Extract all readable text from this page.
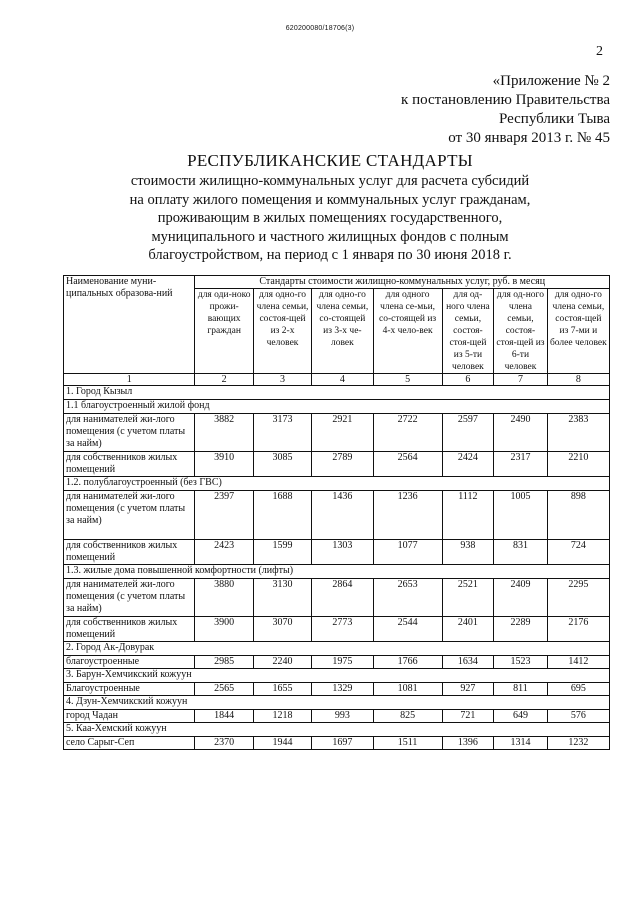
620200080/18706(3)
2
«Приложение № 2
к постановлению Правительства
Республики Тыва
от 30 января 2013 г. № 45
РЕСПУБЛИКАНСКИЕ СТАНДАРТЫ
стоимости жилищно-коммунальных услуг для расчета субсидий
на оплату жилого помещения и коммунальных услуг гражданам,
проживающим в жилых помещениях государственного,
муниципального и частного жилищных фондов с полным
благоустройством, на период с 1 января по 30 июня 2018 г.
Наименование муни-ципальных образова-ний	Стандарты стоимости жилищно-коммунальных услуг, руб. в месяц						
	для оди-ноко прожи-вающих граждан	для одно-го члена семьи, состоя-щей из 2-х человек	для одно-го члена семьи, со-стоящей из 3-х че-ловек	для одного члена се-мьи, со-стоящей из 4-х чело-век	для од-ного члена семьи, состоя-стоя-щей из 5-ти человек	для од-ного члена семьи, состоя-стоя-щей из 6-ти человек	для одно-го члена семьи, состоя-щей из 7-ми и более человек
1	2	3	4	5	6	7	8
1. Город Кызыл							
1.1 благоустроенный жилой фонд							
для нанимателей жи-лого помещения (с учетом платы за найм)	3882	3173	2921	2722	2597	2490	2383
для собственников жилых помещений	3910	3085	2789	2564	2424	2317	2210
1.2. полублагоустроенный (без ГВС)							
для нанимателей жи-лого помещения (с учетом платы за найм)	2397	1688	1436	1236	1112	1005	898
для собственников жилых помещений	2423	1599	1303	1077	938	831	724
1.3. жилые дома повышенной комфортности (лифты)							
для нанимателей жи-лого помещения (с учетом платы за найм)	3880	3130	2864	2653	2521	2409	2295
для собственников жилых помещений	3900	3070	2773	2544	2401	2289	2176
2. Город Ак-Довурак							
благоустроенные	2985	2240	1975	1766	1634	1523	1412
3. Барун-Хемчикский кожуун							
Благоустроенные	2565	1655	1329	1081	927	811	695
4. Дзун-Хемчикский кожуун							
город Чадан	1844	1218	993	825	721	649	576
5. Каа-Хемский кожуун							
село Сарыг-Сеп	2370	1944	1697	1511	1396	1314	1232
